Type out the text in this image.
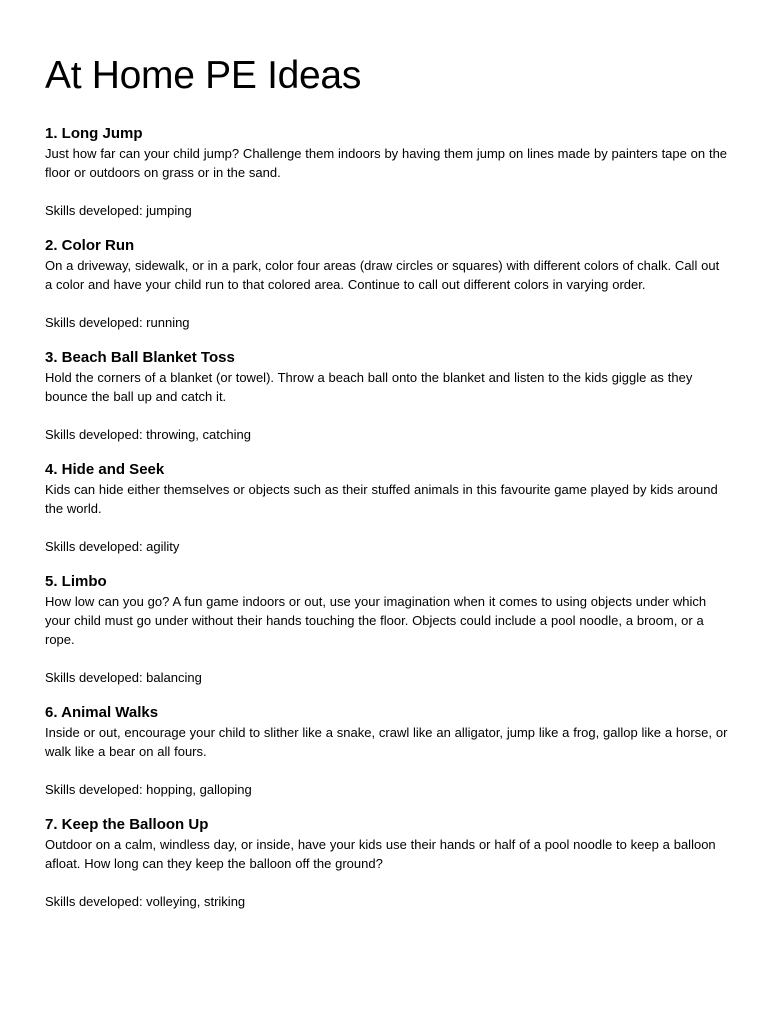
At Home PE Ideas
1. Long Jump

Just how far can your child jump? Challenge them indoors by having them jump on lines made by painters tape on the floor or outdoors on grass or in the sand.

Skills developed: jumping

2. Color Run

On a driveway, sidewalk, or in a park, color four areas (draw circles or squares) with different colors of chalk. Call out a color and have your child run to that colored area. Continue to call out different colors in varying order.

Skills developed: running

3. Beach Ball Blanket Toss

Hold the corners of a blanket (or towel). Throw a beach ball onto the blanket and listen to the kids giggle as they bounce the ball up and catch it.

Skills developed: throwing, catching

4. Hide and Seek

Kids can hide either themselves or objects such as their stuffed animals in this favourite game played by kids around the world.

Skills developed: agility

5. Limbo

How low can you go? A fun game indoors or out, use your imagination when it comes to using objects under which your child must go under without their hands touching the floor. Objects could include a pool noodle, a broom, or a rope.

Skills developed: balancing

6. Animal Walks

Inside or out, encourage your child to slither like a snake, crawl like an alligator, jump like a frog, gallop like a horse, or walk like a bear on all fours.

Skills developed: hopping, galloping

7. Keep the Balloon Up

Outdoor on a calm, windless day, or inside, have your kids use their hands or half of a pool noodle to keep a balloon afloat. How long can they keep the balloon off the ground?

Skills developed: volleying, striking
